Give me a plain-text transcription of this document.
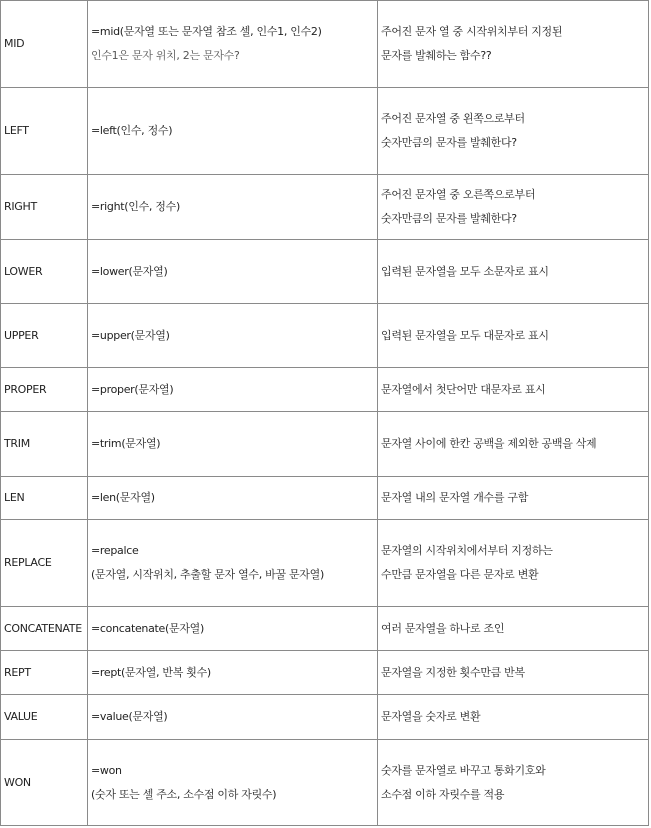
MID	=mid(문자열 또는 문자열 참조 셀, 인수1, 인수2)
인수1은 문자 위치, 2는 문자수?	주어진 문자 열 중 시작위치부터 지정된
문자를 발췌하는 함수??

LEFT	=left(인수, 정수)	주어진 문자열 중 왼쪽으로부터
숫자만큼의 문자를 발췌한다?

RIGHT	=right(인수, 정수)	주어진 문자열 중 오른쪽으로부터
숫자만큼의 문자를 발췌한다?

LOWER	=lower(문자열)	입력된 문자열을 모두 소문자로 표시

UPPER	=upper(문자열)	입력된 문자열을 모두 대문자로 표시

PROPER	=proper(문자열)	문자열에서 첫단어만 대문자로 표시

TRIM	=trim(문자열)	문자열 사이에 한칸 공백을 제외한 공백을 삭제

LEN	=len(문자열)	문자열 내의 문자열 개수를 구함

REPLACE	=repalce
(문자열, 시작위치, 추출할 문자 열수, 바꿀 문자열)	문자열의 시작위치에서부터 지정하는
수만큼 문자열을 다른 문자로 변환

CONCATENATE	=concatenate(문자열)	여러 문자열을 하나로 조인

REPT	=rept(문자열, 반복 횟수)	문자열을 지정한 횟수만큼 반복

VALUE	=value(문자열)	문자열을 숫자로 변환

WON	=won
(숫자 또는 셀 주소, 소수점 이하 자릿수)	숫자를 문자열로 바꾸고 통화기호와
소수점 이하 자릿수를 적용
